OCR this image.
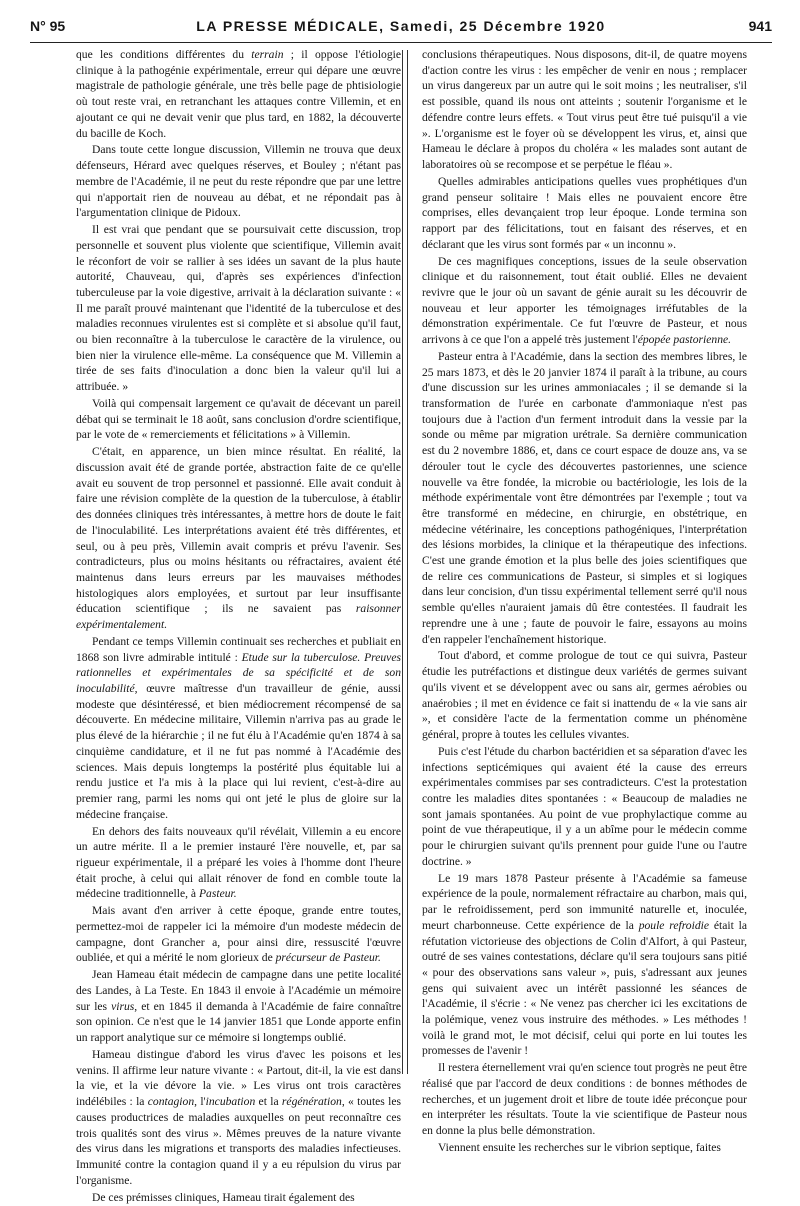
N° 95	LA PRESSE MÉDICALE, Samedi, 25 Décembre 1920	941

que les conditions différentes du terrain ; il oppose l'étiologie clinique à la pathogénie expérimentale, erreur qui dépare une œuvre magistrale de pathologie générale, une très belle page de phtisiologie où tout reste vrai, en retranchant les attaques contre Villemin, et en ajoutant ce qui ne devait venir que plus tard, en 1882, la découverte du bacille de Koch.

Dans toute cette longue discussion, Villemin ne trouva que deux défenseurs, Hérard avec quelques réserves, et Bouley ; n'étant pas membre de l'Académie, il ne peut du reste répondre que par une lettre qui n'apportait rien de nouveau au débat, et ne répondait pas à l'argumentation clinique de Pidoux.

Il est vrai que pendant que se poursuivait cette discussion, trop personnelle et souvent plus violente que scientifique, Villemin avait le réconfort de voir se rallier à ses idées un savant de la plus haute autorité, Chauveau, qui, d'après ses expériences d'infection tuberculeuse par la voie digestive, arrivait à la déclaration suivante : « Il me paraît prouvé maintenant que l'identité de la tuberculose et des maladies reconnues virulentes est si complète et si absolue qu'il faut, ou bien reconnaître à la tuberculose le caractère de la virulence, ou bien nier la virulence elle-même. La conséquence que M. Villemin a tirée de ses faits d'inoculation a donc bien la valeur qu'il lui a attribuée. »

Voilà qui compensait largement ce qu'avait de décevant un pareil débat qui se terminait le 18 août, sans conclusion d'ordre scientifique, par le vote de « remerciements et félicitations » à Villemin.

C'était, en apparence, un bien mince résultat. En réalité, la discussion avait été de grande portée, abstraction faite de ce qu'elle avait eu souvent de trop personnel et passionné. Elle avait conduit à faire une révision complète de la question de la tuberculose, à établir des données cliniques très intéressantes, à mettre hors de doute le fait de l'inoculabilité. Les interprétations avaient été très différentes, et seul, ou à peu près, Villemin avait compris et prévu l'avenir. Ses contradicteurs, plus ou moins hésitants ou réfractaires, avaient été maintenus dans leurs erreurs par les mauvaises méthodes histologiques alors employées, et surtout par leur insuffisante éducation scientifique ; ils ne savaient pas raisonner expérimentalement.

Pendant ce temps Villemin continuait ses recherches et publiait en 1868 son livre admirable intitulé : Etude sur la tuberculose. Preuves rationnelles et expérimentales de sa spécificité et de son inoculabilité, œuvre maîtresse d'un travailleur de génie, aussi modeste que désintéressé, et bien médiocrement récompensé de sa découverte. En médecine militaire, Villemin n'arriva pas au grade le plus élevé de la hiérarchie ; il ne fut élu à l'Académie qu'en 1874 à sa cinquième candidature, et il ne fut pas nommé à l'Académie des sciences. Mais depuis longtemps la postérité plus équitable lui a rendu justice et l'a mis à la place qui lui revient, c'est-à-dire au premier rang, parmi les noms qui ont jeté le plus de gloire sur la médecine française.

En dehors des faits nouveaux qu'il révélait, Villemin a eu encore un autre mérite. Il a le premier instauré l'ère nouvelle, et, par sa rigueur expérimentale, il a préparé les voies à l'homme dont l'heure était proche, à celui qui allait rénover de fond en comble toute la médecine traditionnelle, à Pasteur.

Mais avant d'en arriver à cette époque, grande entre toutes, permettez-moi de rappeler ici la mémoire d'un modeste médecin de campagne, dont Grancher a, pour ainsi dire, ressuscité l'œuvre oubliée, et qui a mérité le nom glorieux de précurseur de Pasteur.

Jean Hameau était médecin de campagne dans une petite localité des Landes, à La Teste. En 1843 il envoie à l'Académie un mémoire sur les virus, et en 1845 il demanda à l'Académie de faire connaître son opinion. Ce n'est que le 14 janvier 1851 que Londe apporte enfin un rapport analytique sur ce mémoire si longtemps oublié.

Hameau distingue d'abord les virus d'avec les poisons et les venins. Il affirme leur nature vivante : « Partout, dit-il, la vie est dans la vie, et la vie dévore la vie. » Les virus ont trois caractères indélébiles : la contagion, l'incubation et la régénération, « toutes les causes productrices de maladies auxquelles on peut reconnaître ces trois qualités sont des virus ». Mêmes preuves de la nature vivante des virus dans les migrations et transports des maladies infectieuses. Immunité contre la contagion quand il y a eu répulsion du virus par l'organisme.

De ces prémisses cliniques, Hameau tirait également des

conclusions thérapeutiques. Nous disposons, dit-il, de quatre moyens d'action contre les virus : les empêcher de venir en nous ; remplacer un virus dangereux par un autre qui le soit moins ; les neutraliser, s'il est possible, quand ils nous ont atteints ; soutenir l'organisme et le défendre contre leurs effets. « Tout virus peut être tué puisqu'il a vie ». L'organisme est le foyer où se développent les virus, et, ainsi que Hameau le déclare à propos du choléra « les malades sont autant de laboratoires où se recompose et se perpétue le fléau ».

Quelles admirables anticipations quelles vues prophétiques d'un grand penseur solitaire ! Mais elles ne pouvaient encore être comprises, elles devançaient trop leur époque. Londe termina son rapport par des félicitations, tout en faisant des réserves, et en déclarant que les virus sont formés par « un inconnu ».

De ces magnifiques conceptions, issues de la seule observation clinique et du raisonnement, tout était oublié. Elles ne devaient revivre que le jour où un savant de génie aurait su les découvrir de nouveau et leur apporter les témoignages irréfutables de la démonstration expérimentale. Ce fut l'œuvre de Pasteur, et nous arrivons à ce que l'on a appelé très justement l'épopée pastorienne.

Pasteur entra à l'Académie, dans la section des membres libres, le 25 mars 1873, et dès le 20 janvier 1874 il paraît à la tribune, au cours d'une discussion sur les urines ammoniacales ; il se demande si la transformation de l'urée en carbonate d'ammoniaque n'est pas toujours due à l'action d'un ferment introduit dans la vessie par la sonde ou même par migration urétrale. Sa dernière communication est du 2 novembre 1886, et, dans ce court espace de douze ans, va se dérouler tout le cycle des découvertes pastoriennes, une science nouvelle va être fondée, la microbie ou bactériologie, les lois de la méthode expérimentale vont être démontrées par l'exemple ; tout va être transformé en médecine, en chirurgie, en obstétrique, en médecine vétérinaire, les conceptions pathogéniques, l'interprétation des lésions morbides, la clinique et la thérapeutique des infections. C'est une grande émotion et la plus belle des joies scientifiques que de relire ces communications de Pasteur, si simples et si logiques dans leur concision, d'un tissu expérimental tellement serré qu'il nous semble qu'elles n'auraient jamais dû être contestées. Il faudrait les reprendre une à une ; faute de pouvoir le faire, essayons au moins d'en rappeler l'enchaînement historique.

Tout d'abord, et comme prologue de tout ce qui suivra, Pasteur étudie les putréfactions et distingue deux variétés de germes suivant qu'ils vivent et se développent avec ou sans air, germes aérobies ou anaérobies ; il met en évidence ce fait si inattendu de « la vie sans air », et considère l'acte de la fermentation comme un phénomène général, propre à toutes les cellules vivantes.

Puis c'est l'étude du charbon bactéridien et sa séparation d'avec les infections septicémiques qui avaient été la cause des erreurs expérimentales commises par ses contradicteurs. C'est la protestation contre les maladies dites spontanées : « Beaucoup de maladies ne sont jamais spontanées. Au point de vue prophylactique comme au point de vue thérapeutique, il y a un abîme pour le médecin comme pour le chirurgien suivant qu'ils prennent pour guide l'une ou l'autre doctrine. »

Le 19 mars 1878 Pasteur présente à l'Académie sa fameuse expérience de la poule, normalement réfractaire au charbon, mais qui, par le refroidissement, perd son immunité naturelle et, inoculée, meurt charbonneuse. Cette expérience de la poule refroidie était la réfutation victorieuse des objections de Colin d'Alfort, à qui Pasteur, outré de ses vaines contestations, déclare qu'il sera toujours sans pitié « pour des observations sans valeur », puis, s'adressant aux jeunes gens qui suivaient avec un intérêt passionné les séances de l'Académie, il s'écrie : « Ne venez pas chercher ici les excitations de la polémique, venez vous instruire des méthodes. » Les méthodes ! voilà le grand mot, le mot décisif, celui qui porte en lui toutes les promesses de l'avenir !

Il restera éternellement vrai qu'en science tout progrès ne peut être réalisé que par l'accord de deux conditions : de bonnes méthodes de recherches, et un jugement droit et libre de toute idée préconçue pour en interpréter les résultats. Toute la vie scientifique de Pasteur nous en donne la plus belle démonstration.

Viennent ensuite les recherches sur le vibrion septique, faites
